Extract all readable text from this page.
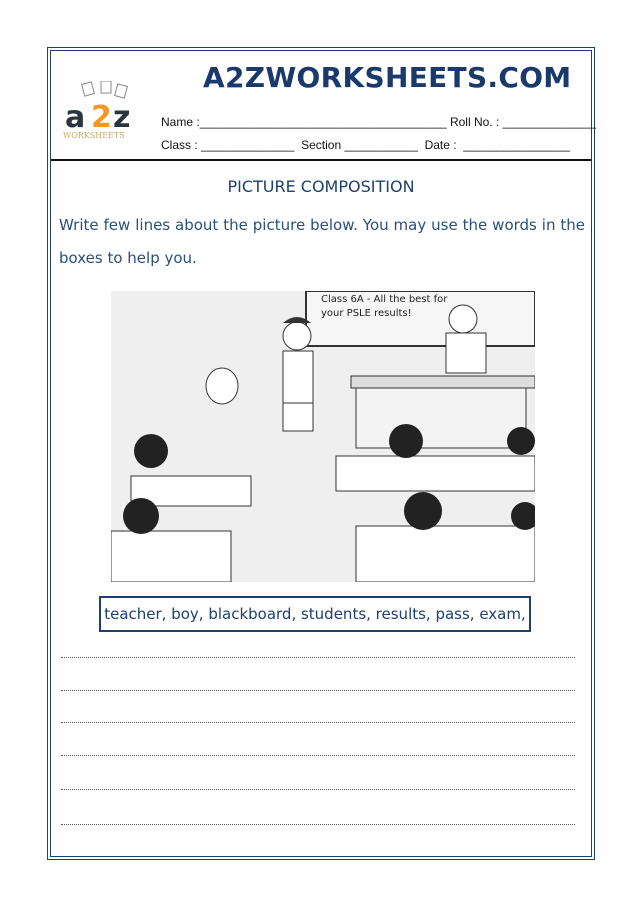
a 2 z
WORKSHEETS
A2ZWORKSHEETS.COM
Name :_____________________________________ Roll No. : ______________
Class : ______________  Section ___________  Date :  ________________
PICTURE COMPOSITION
Write few lines about the picture below. You may use the words in the boxes to help you.
Class 6A - All the best for your PSLE results!
teacher, boy, blackboard, students, results, pass, exam,
